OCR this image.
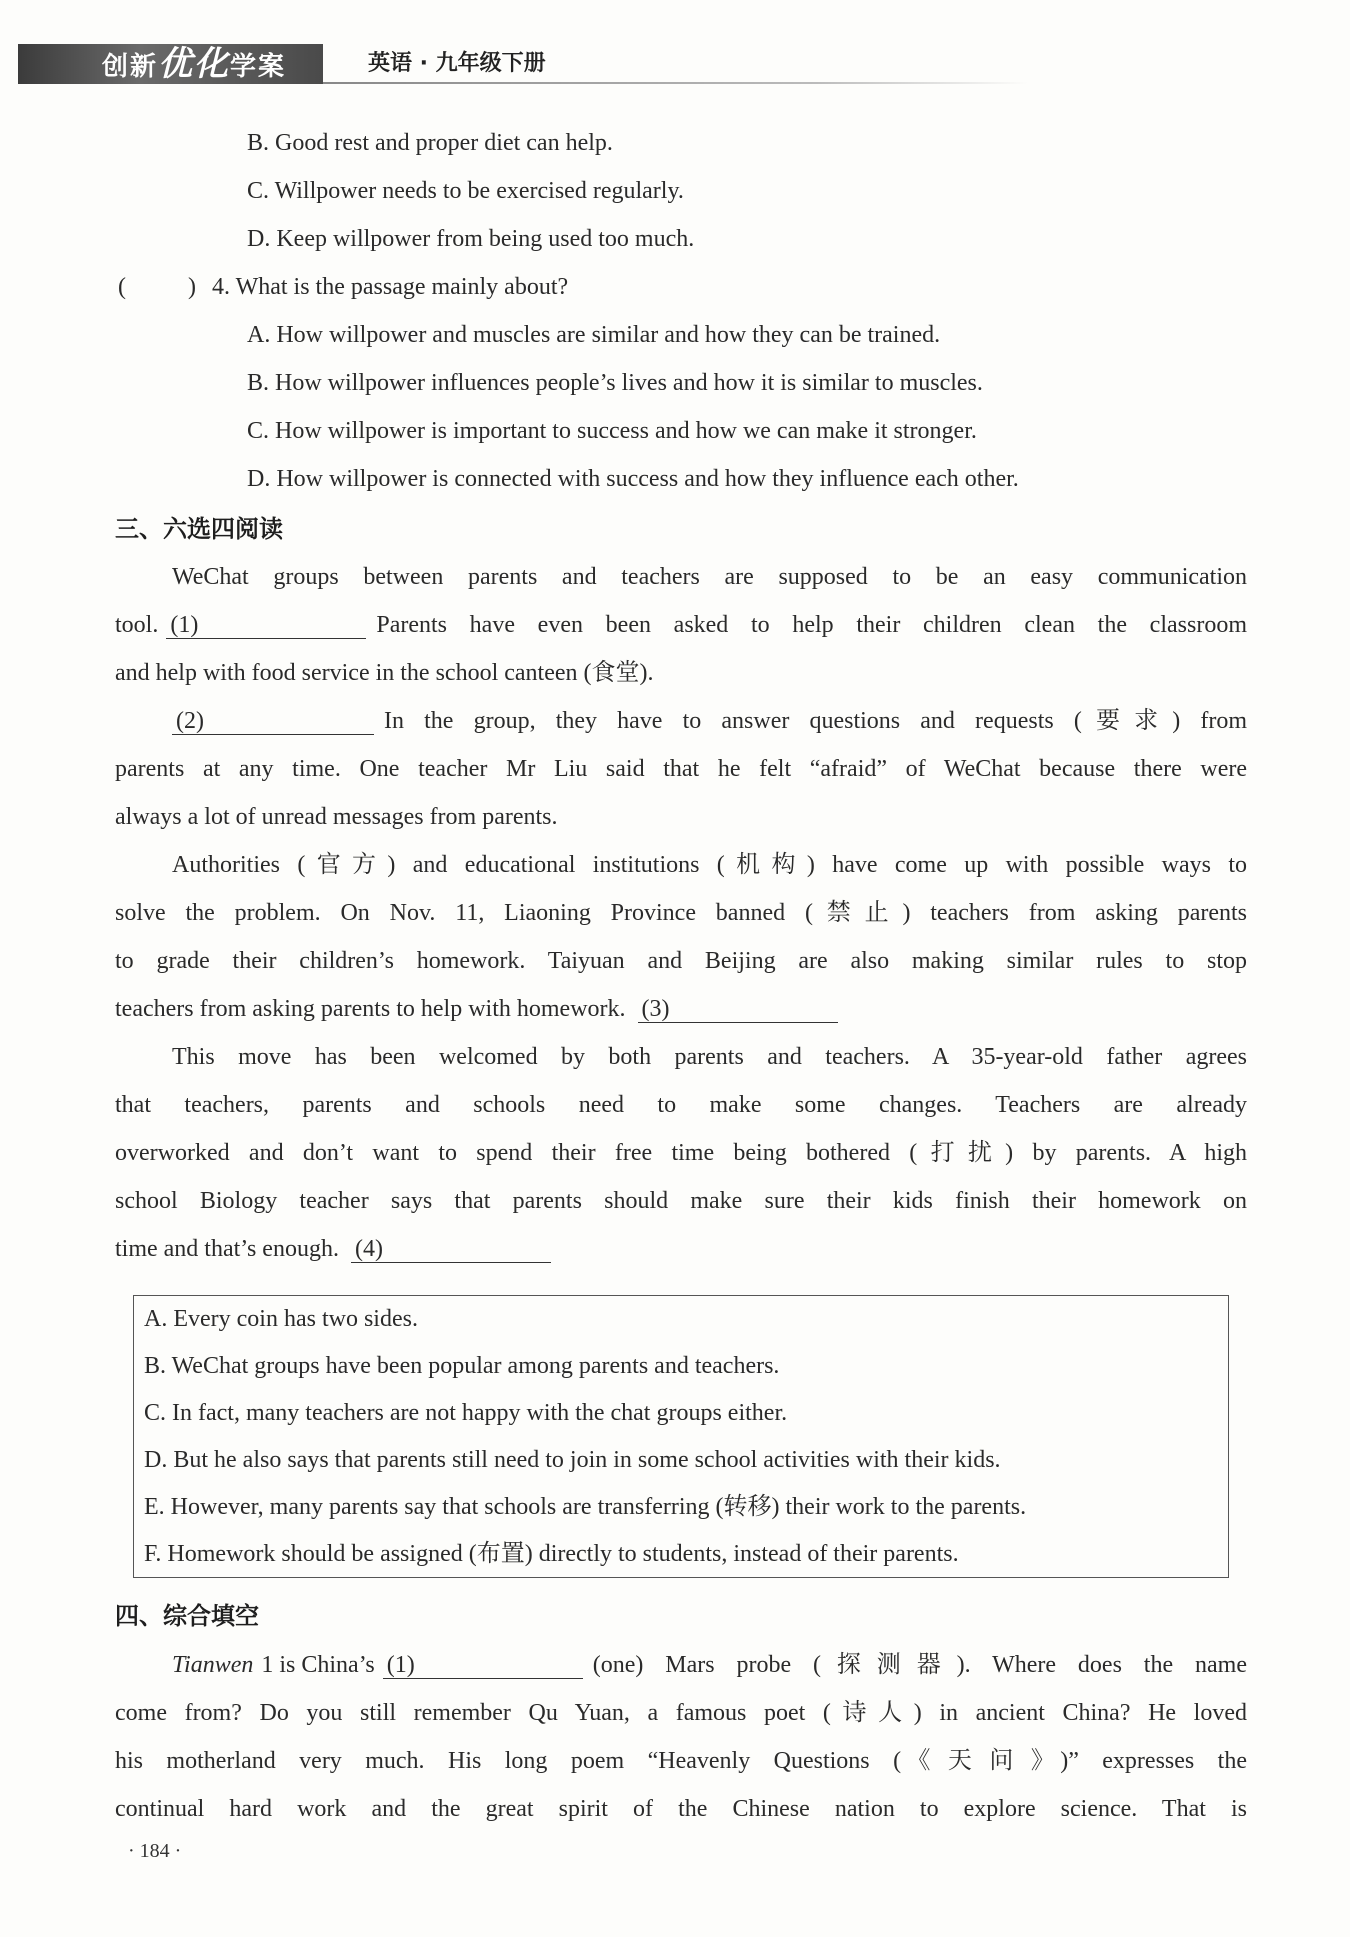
创新优化学案	英语 · 九年级下册
B. Good rest and proper diet can help.
C. Willpower needs to be exercised regularly.
D. Keep willpower from being used too much.
(	) 4. What is the passage mainly about?
A. How willpower and muscles are similar and how they can be trained.
B. How willpower influences people’s lives and how it is similar to muscles.
C. How willpower is important to success and how we can make it stronger.
D. How willpower is connected with success and how they influence each other.
三、六选四阅读
WeChat groups between parents and teachers are supposed to be an easy communication
tool. (1)	Parents have even been asked to help their children clean the classroom
and help with food service in the school canteen (食堂).
(2)	In the group, they have to answer questions and requests (要求) from
parents at any time. One teacher Mr Liu said that he felt “afraid” of WeChat because there were
always a lot of unread messages from parents.
Authorities (官方) and educational institutions (机构) have come up with possible ways to
solve the problem. On Nov. 11, Liaoning Province banned (禁止) teachers from asking parents
to grade their children’s homework. Taiyuan and Beijing are also making similar rules to stop
teachers from asking parents to help with homework. (3)
This move has been welcomed by both parents and teachers. A 35-year-old father agrees
that teachers, parents and schools need to make some changes. Teachers are already
overworked and don’t want to spend their free time being bothered (打扰) by parents. A high
school Biology teacher says that parents should make sure their kids finish their homework on
time and that’s enough. (4)
A. Every coin has two sides.
B. WeChat groups have been popular among parents and teachers.
C. In fact, many teachers are not happy with the chat groups either.
D. But he also says that parents still need to join in some school activities with their kids.
E. However, many parents say that schools are transferring (转移) their work to the parents.
F. Homework should be assigned (布置) directly to students, instead of their parents.
四、综合填空
Tianwen 1 is China’s (1)	(one) Mars probe (探测器). Where does the name
come from? Do you still remember Qu Yuan, a famous poet (诗人) in ancient China? He loved
his motherland very much. His long poem “Heavenly Questions (《天问》)” expresses the
continual hard work and the great spirit of the Chinese nation to explore science. That is
· 184 ·
